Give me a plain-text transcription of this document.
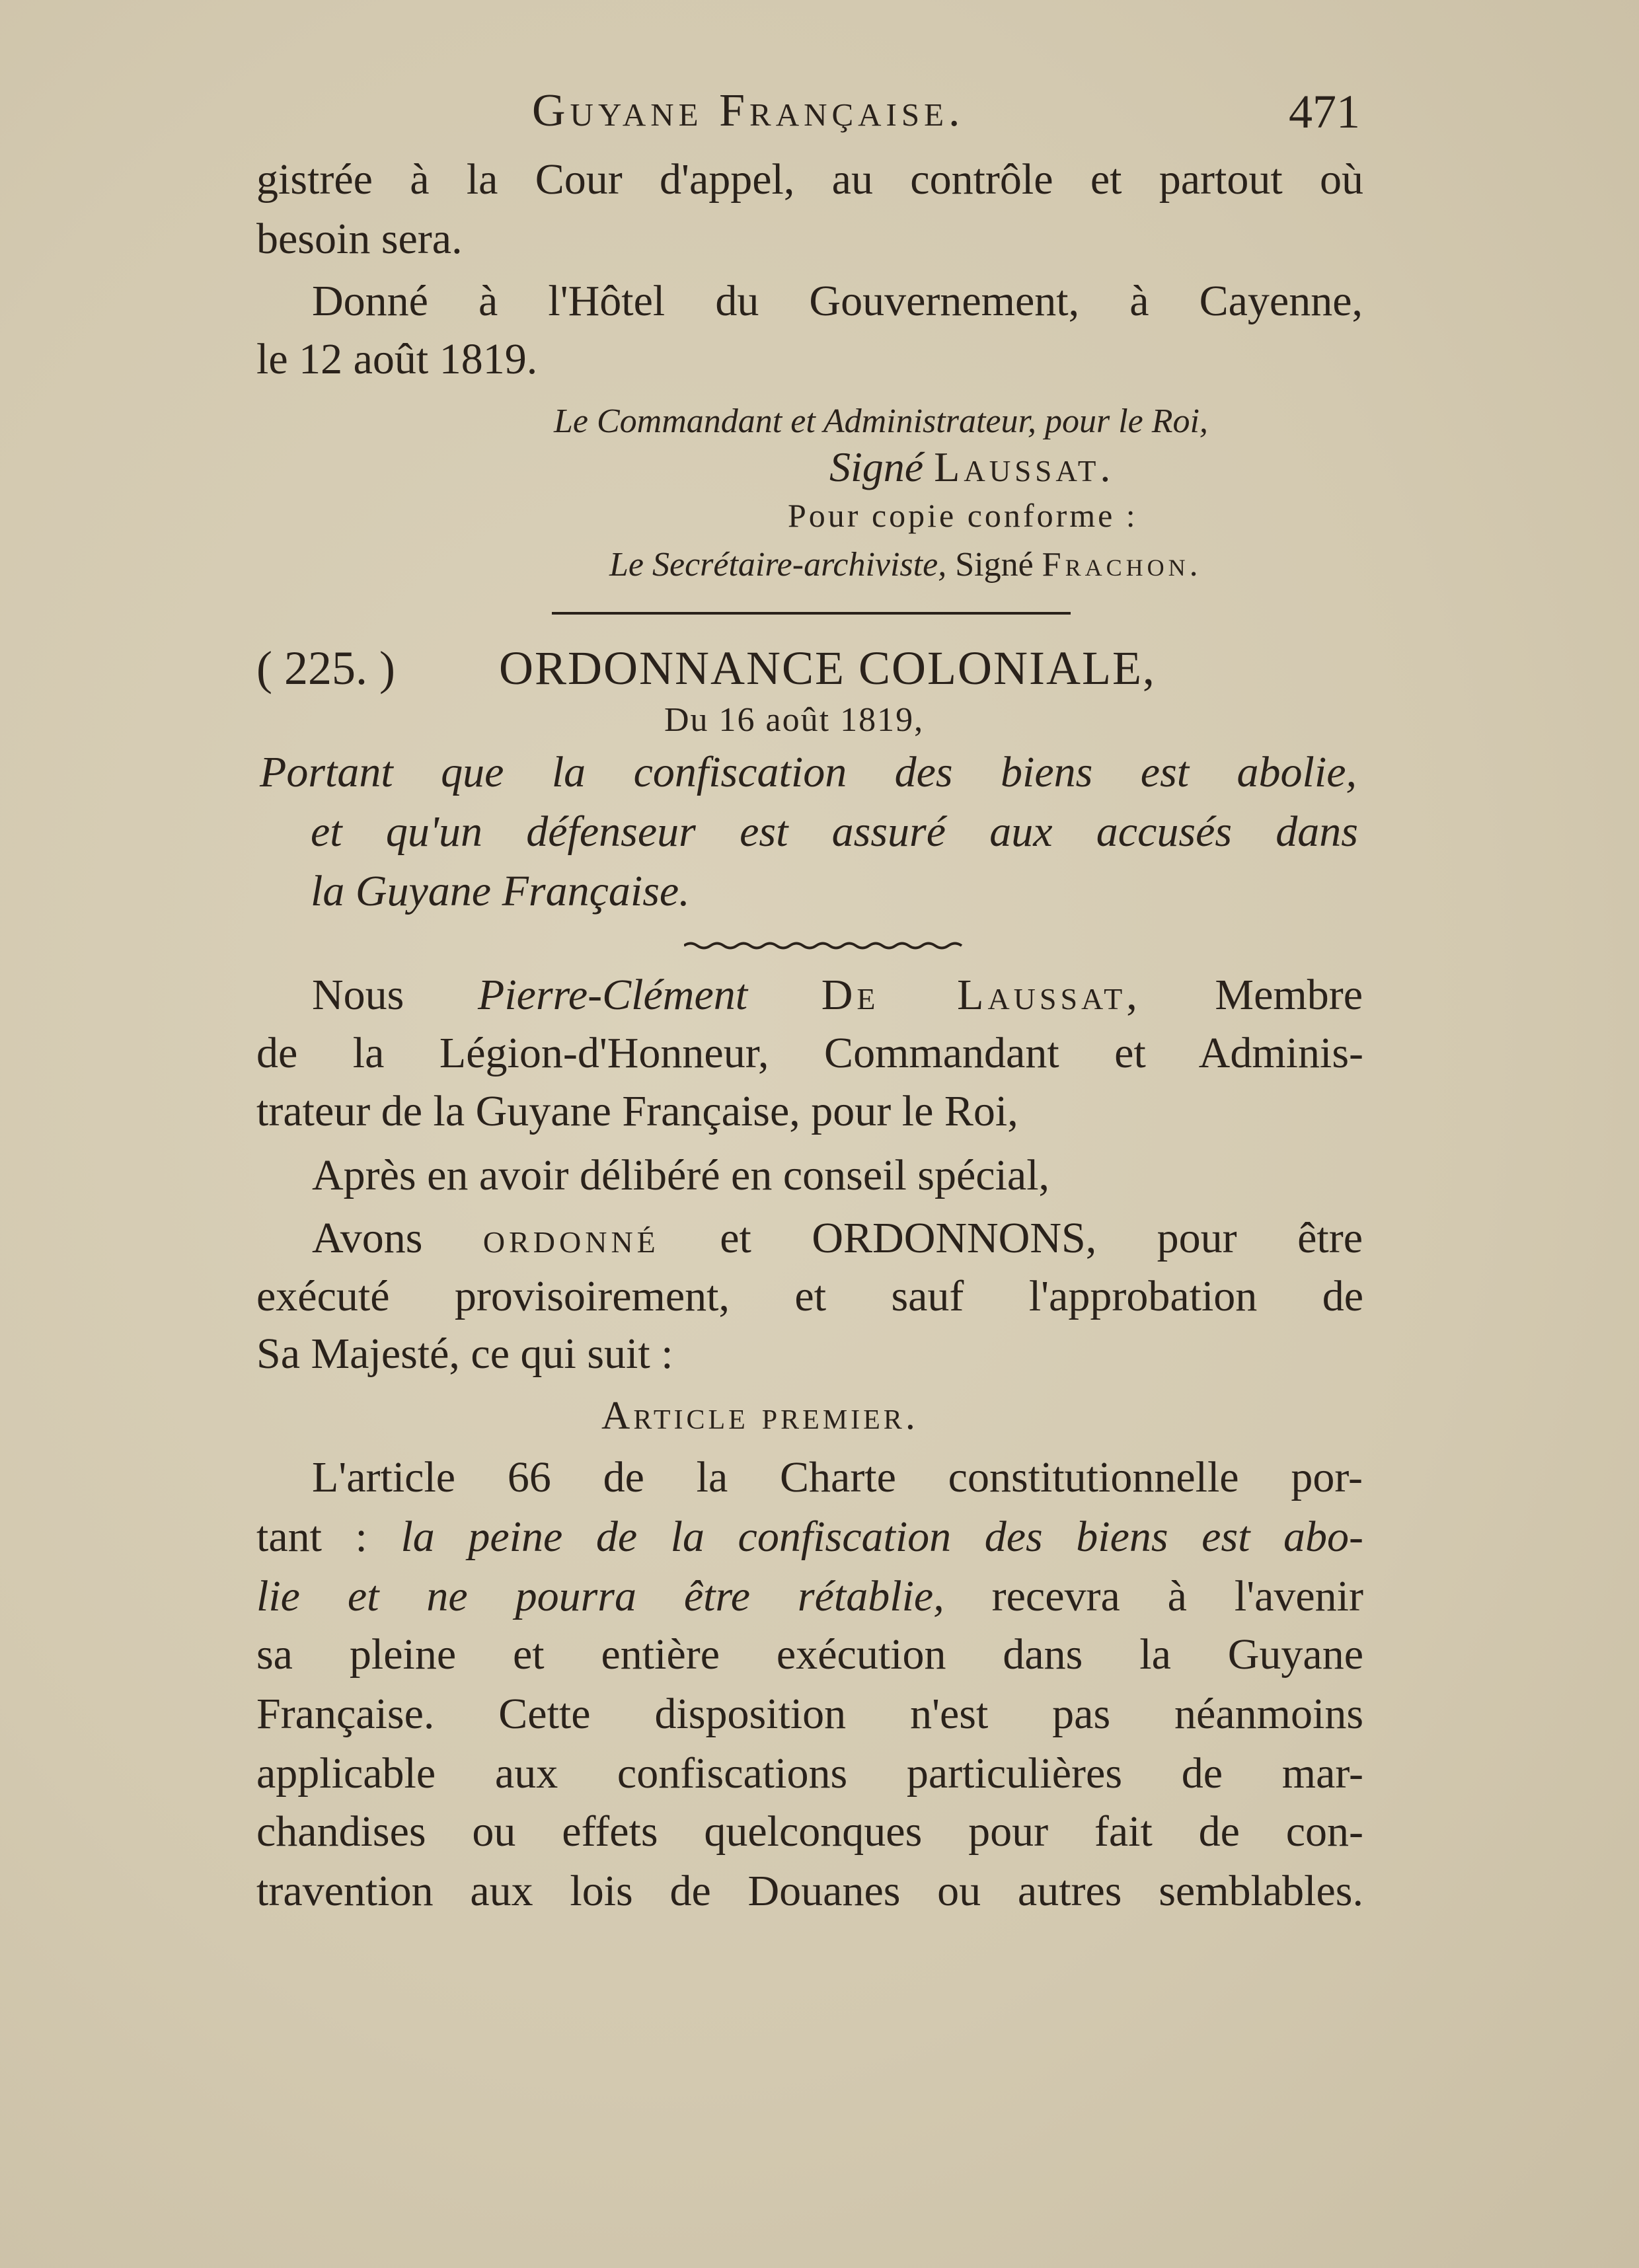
Guyane Française.	471
gistrée à la Cour d'appel, au contrôle et partout où
besoin sera.
Donné à l'Hôtel du Gouvernement, à Cayenne,
le 12 août 1819.
Le Commandant et Administrateur, pour le Roi,
Signé Laussat.
Pour copie conforme :
Le Secrétaire-archiviste, Signé Frachon.
( 225. ) ORDONNANCE COLONIALE,
Du 16 août 1819,
Portant que la confiscation des biens est abolie,
et qu'un défenseur est assuré aux accusés dans
la Guyane Française.
Nous Pierre-Clément De Laussat, Membre
de la Légion-d'Honneur, Commandant et Adminis-
trateur de la Guyane Française, pour le Roi,
Après en avoir délibéré en conseil spécial,
Avons ordonné et ORDONNONS, pour être
exécuté provisoirement, et sauf l'approbation de
Sa Majesté, ce qui suit :
Article premier.
L'article 66 de la Charte constitutionnelle por-
tant : la peine de la confiscation des biens est abo-
lie et ne pourra être rétablie, recevra à l'avenir
sa pleine et entière exécution dans la Guyane
Française. Cette disposition n'est pas néanmoins
applicable aux confiscations particulières de mar-
chandises ou effets quelconques pour fait de con-
travention aux lois de Douanes ou autres semblables.
